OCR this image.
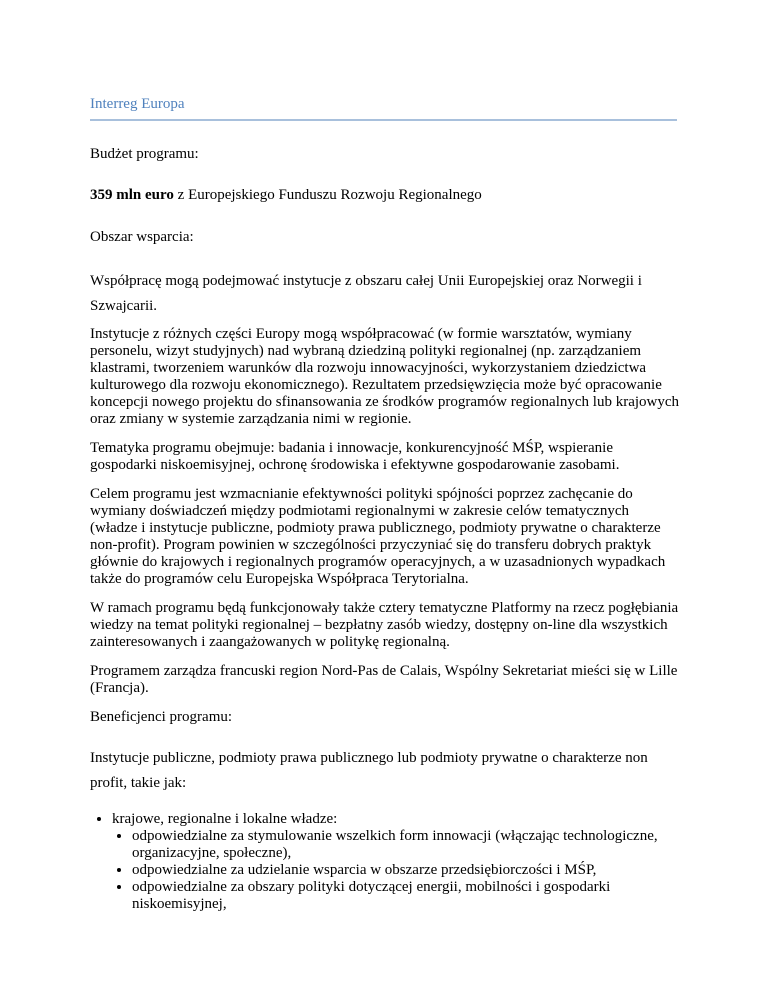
Interreg Europa

Budżet programu:

359 mln euro z Europejskiego Funduszu Rozwoju Regionalnego

Obszar wsparcia:

Współpracę mogą podejmować instytucje z obszaru całej Unii Europejskiej oraz Norwegii i Szwajcarii.

Instytucje z różnych części Europy mogą współpracować (w formie warsztatów, wymiany personelu, wizyt studyjnych) nad wybraną dziedziną polityki regionalnej (np. zarządzaniem klastrami, tworzeniem warunków dla rozwoju innowacyjności, wykorzystaniem dziedzictwa kulturowego dla rozwoju ekonomicznego). Rezultatem przedsięwzięcia może być opracowanie koncepcji nowego projektu do sfinansowania ze środków programów regionalnych lub krajowych oraz zmiany w systemie zarządzania nimi w regionie.

Tematyka programu obejmuje: badania i innowacje, konkurencyjność MŚP, wspieranie gospodarki niskoemisyjnej, ochronę środowiska i efektywne gospodarowanie zasobami.

Celem programu jest wzmacnianie efektywności polityki spójności poprzez zachęcanie do wymiany doświadczeń między podmiotami regionalnymi w zakresie celów tematycznych (władze i instytucje publiczne, podmioty prawa publicznego, podmioty prywatne o charakterze non-profit). Program powinien w szczególności przyczyniać się do transferu dobrych praktyk głównie do krajowych i regionalnych programów operacyjnych, a w uzasadnionych wypadkach także do programów celu Europejska Współpraca Terytorialna.

W ramach programu będą funkcjonowały także cztery tematyczne Platformy na rzecz pogłębiania wiedzy na temat polityki regionalnej – bezpłatny zasób wiedzy, dostępny on-line dla wszystkich zainteresowanych i zaangażowanych w politykę regionalną.

Programem zarządza francuski region Nord-Pas de Calais, Wspólny Sekretariat mieści się w Lille (Francja).

Beneficjenci programu:

Instytucje publiczne, podmioty prawa publicznego lub podmioty prywatne o charakterze non profit, takie jak:

• krajowe, regionalne i lokalne władze:
• odpowiedzialne za stymulowanie wszelkich form innowacji (włączając technologiczne, organizacyjne, społeczne),
• odpowiedzialne za udzielanie wsparcia w obszarze przedsiębiorczości i MŚP,
• odpowiedzialne za obszary polityki dotyczącej energii, mobilności i gospodarki niskoemisyjnej,
